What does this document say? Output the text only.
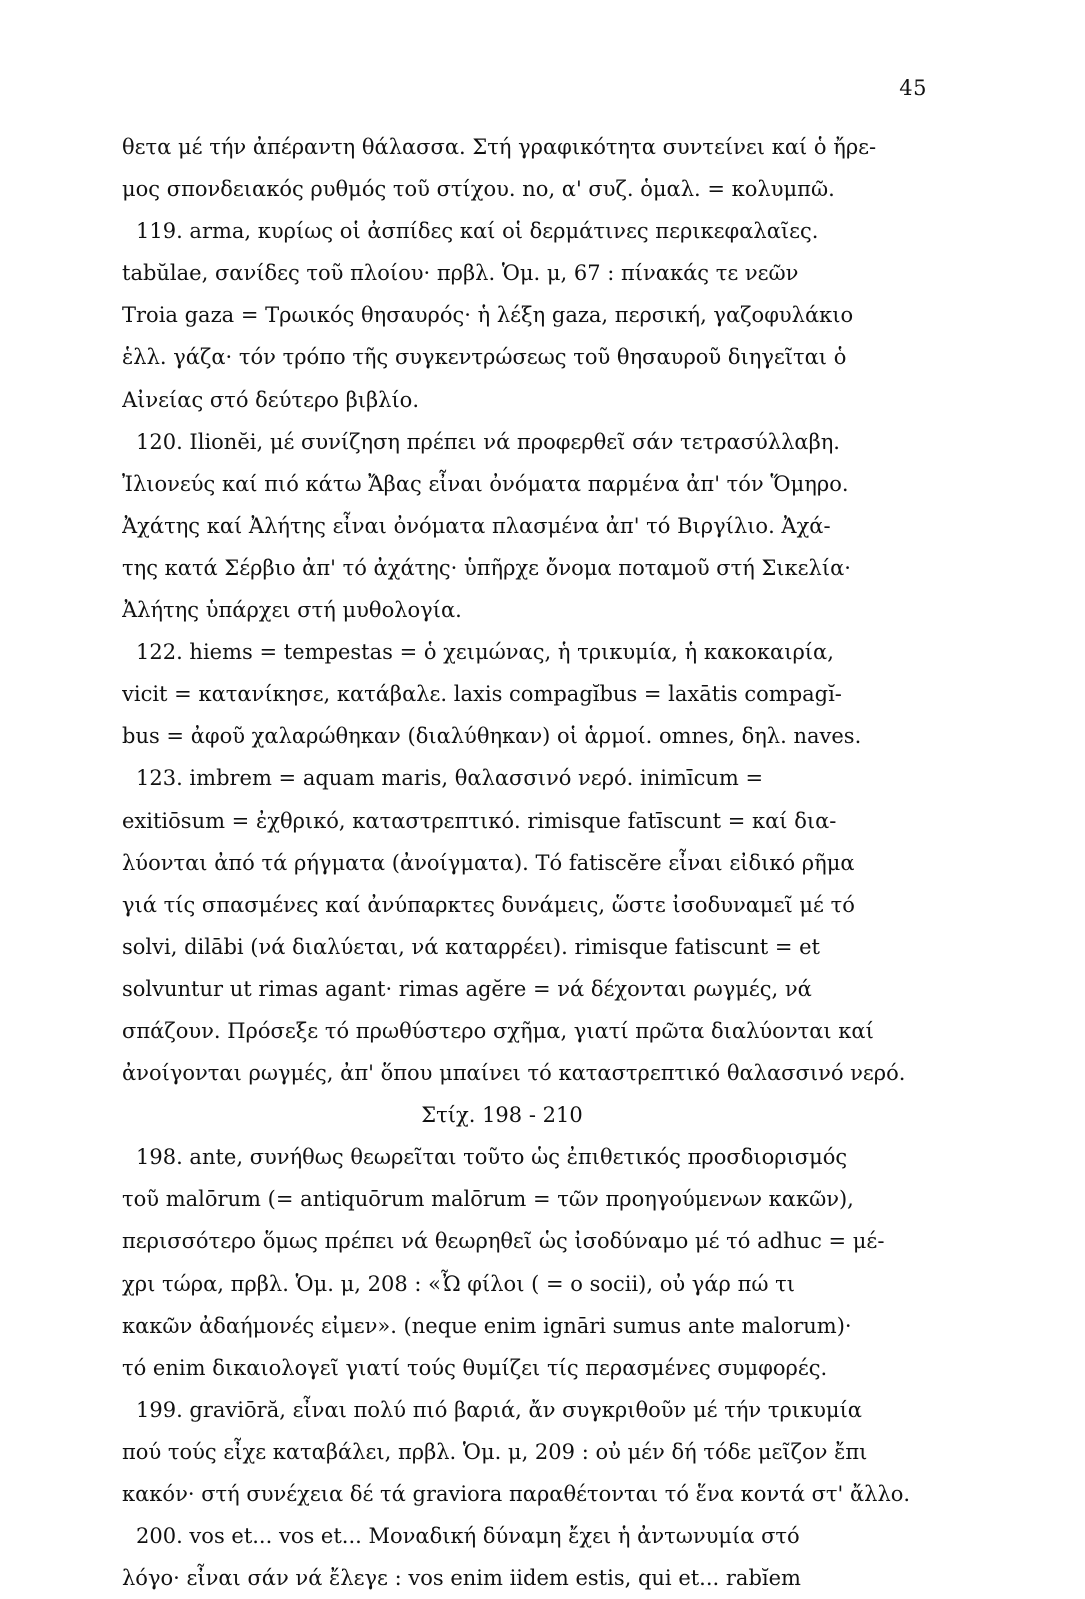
45
θετα μέ τήν ἀπέραντη θάλασσα. Στή γραφικότητα συντείνει καί ὁ ἤρε-
μος σπονδειακός ρυθμός τοῦ στίχου. no, α' συζ. ὁμαλ. = κολυμπῶ.
119. arma, κυρίως οἱ ἀσπίδες καί οἱ δερμάτινες περικεφαλαῖες.
tabŭlae, σανίδες τοῦ πλοίου· πρβλ. Ὁμ. μ, 67 : πίνακάς τε νεῶν
Troia gaza = Τρωικός θησαυρός· ἡ λέξη gaza, περσική, γαζοφυλάκιο
ἑλλ. γάζα· τόν τρόπο τῆς συγκεντρώσεως τοῦ θησαυροῦ διηγεῖται ὁ
Αἰνείας στό δεύτερο βιβλίο.
120. Ilionĕi, μέ συνίζηση πρέπει νά προφερθεῖ σάν τετρασύλλαβη.
Ἰλιονεύς καί πιό κάτω Ἄβας εἶναι ὀνόματα παρμένα ἀπ' τόν Ὅμηρο.
Ἀχάτης καί Ἀλήτης εἶναι ὀνόματα πλασμένα ἀπ' τό Βιργίλιο. Ἀχά-
της κατά Σέρβιο ἀπ' τό ἀχάτης· ὑπῆρχε ὄνομα ποταμοῦ στή Σικελία·
Ἀλήτης ὑπάρχει στή μυθολογία.
122. hiems = tempestas = ὁ χειμώνας, ἡ τρικυμία, ἡ κακοκαιρία,
vicit = κατανίκησε, κατάβαλε. laxis compagĭbus = laxātis compagĭ-
bus = ἀφοῦ χαλαρώθηκαν (διαλύθηκαν) οἱ ἁρμοί. omnes, δηλ. naves.
123. imbrem = aquam maris, θαλασσινό νερό. inimīcum =
exitiōsum = ἐχθρικό, καταστρεπτικό. rimisque fatīscunt = καί δια-
λύονται ἀπό τά ρήγματα (ἀνοίγματα). Τό fatiscĕre εἶναι εἰδικό ρῆμα
γιά τίς σπασμένες καί ἀνύπαρκτες δυνάμεις, ὥστε ἰσοδυναμεῖ μέ τό
solvi, dilābi (νά διαλύεται, νά καταρρέει). rimisque fatiscunt = et
solvuntur ut rimas agant· rimas agĕre = νά δέχονται ρωγμές, νά
σπάζουν. Πρόσεξε τό πρωθύστερο σχῆμα, γιατί πρῶτα διαλύονται καί
ἀνοίγονται ρωγμές, ἀπ' ὅπου μπαίνει τό καταστρεπτικό θαλασσινό νερό.
Στίχ. 198 - 210
198. ante, συνήθως θεωρεῖται τοῦτο ὡς ἐπιθετικός προσδιορισμός
τοῦ malōrum (= antiquōrum malōrum = τῶν προηγούμενων κακῶν),
περισσότερο ὅμως πρέπει νά θεωρηθεῖ ὡς ἰσοδύναμο μέ τό adhuc = μέ-
χρι τώρα, πρβλ. Ὁμ. μ, 208 : «Ὦ φίλοι ( = o socii), οὐ γάρ πώ τι
κακῶν ἀδαήμονές εἰμεν». (neque enim ignāri sumus ante malorum)·
τό enim δικαιολογεῖ γιατί τούς θυμίζει τίς περασμένες συμφορές.
199. graviōră, εἶναι πολύ πιό βαριά, ἄν συγκριθοῦν μέ τήν τρικυμία
πού τούς εἶχε καταβάλει, πρβλ. Ὁμ. μ, 209 : οὐ μέν δή τόδε μεῖζον ἔπι
κακόν· στή συνέχεια δέ τά graviora παραθέτονται τό ἕνα κοντά στ' ἄλλο.
200. vos et... vos et... Μοναδική δύναμη ἔχει ἡ ἀντωνυμία στό
λόγο· εἶναι σάν νά ἔλεγε : vos enim iidem estis, qui et... rabĭem
